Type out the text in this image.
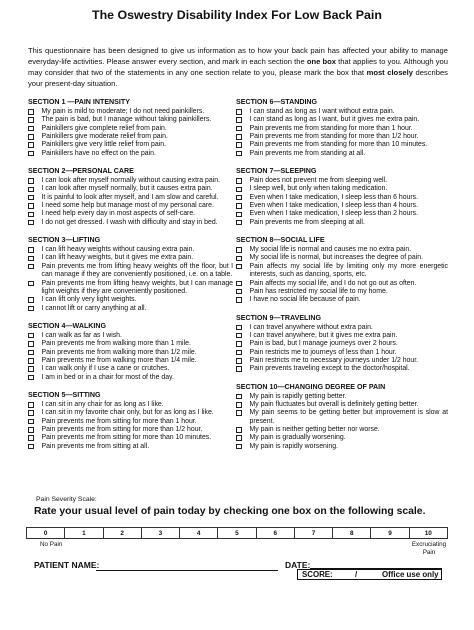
The Oswestry Disability Index For Low Back Pain

This questionnaire has been designed to give us information as to how your back pain has affected your ability to manage everyday-life activities. Please answer every section, and mark in each section the one box that applies to you. Although you may consider that two of the statements in any one section relate to you, please mark the box that most closely describes your present-day situation.

SECTION 1 —PAIN INTENSITY
My pain is mild to moderate; I do not need painkillers.
The pain is bad, but I manage without taking painkillers.
Painkillers give complete relief from pain.
Painkillers give moderate relief from pain.
Painkillers give very little relief from pain.
Painkillers have no effect on the pain.
SECTION 2—PERSONAL CARE
I can look after myself normally without causing extra pain.
I can look after myself normally, but it causes extra pain.
It is painful to look after myself, and I am slow and careful.
I need some help but manage most of my personal care.
I need help every day in most aspects of self-care.
I do not get dressed. I wash with difficulty and stay in bed.
SECTION 3—LIFTING
I can lift heavy weights without causing extra pain.
I can lift heavy weights, but it gives me extra pain.
Pain prevents me from lifting heavy weights off the floor, but I can manage if they are conveniently positioned, i.e. on a table.
Pain prevents me from lifting heavy weights, but I can manage light weights if they are conveniently positioned.
I can lift only very light weights.
I cannot lift or carry anything at all.
SECTION 4—WALKING
I can walk as far as I wish.
Pain prevents me from walking more than 1 mile.
Pain prevents me from walking more than 1/2 mile.
Pain prevents me from walking more than 1/4 mile.
I can walk only if I use a cane or crutches.
I am in bed or in a chair for most of the day.
SECTION 5—SITTING
I can sit in any chair for as long as I like.
I can sit in my favorite chair only, but for as long as I like.
Pain prevents me from sitting for more than 1 hour.
Pain prevents me from sitting for more than 1/2 hour.
Pain prevents me from sitting for more than 10 minutes.
Pain prevents me from sitting at all.
SECTION 6—STANDING
I can stand as long as I want without extra pain.
I can stand as long as I want, but it gives me extra pain.
Pain prevents me from standing for more than 1 hour.
Pain prevents me from standing for more than 1/2 hour.
Pain prevents me from standing for more than 10 minutes.
Pain prevents me from standing at all.
SECTION 7—SLEEPING
Pain does not prevent me from sleeping well.
I sleep well, but only when taking medication.
Even when I take medication, I sleep less than 6 hours.
Even when I take medication, I sleep less than 4 hours.
Even when I take medication, I sleep less than 2 hours.
Pain prevents me from sleeping at all.
SECTION 8—SOCIAL LIFE
My social life is normal and causes me no extra pain.
My social life is normal, but increases the degree of pain.
Pain affects my social life by limiting only my more energetic interests, such as dancing, sports, etc.
Pain affects my social life, and I do not go out as often.
Pain has restricted my social life to my home.
I have no social life because of pain.
SECTION 9—TRAVELING
I can travel anywhere without extra pain.
I can travel anywhere, but it gives me extra pain.
Pain is bad, but I manage journeys over 2 hours.
Pain restricts me to journeys of less than 1 hour.
Pain restricts me to necessary journeys under 1/2 hour.
Pain prevents traveling except to the doctor/hospital.
SECTION 10—CHANGING DEGREE OF PAIN
My pain is rapidly getting better.
My pain fluctuates but overall is definitely getting better.
My pain seems to be getting better but improvement is slow at present.
My pain is neither getting better nor worse.
My pain is gradually worsening.
My pain is rapidly worsening.
Pain Severity Scale:

Rate your usual level of pain today by checking one box on the following scale.

0	1	2	3	4	5	6	7	8	9	10
No Pain	Excruciating Pain
PATIENT NAME:	DATE:
SCORE:	/	Office use only
